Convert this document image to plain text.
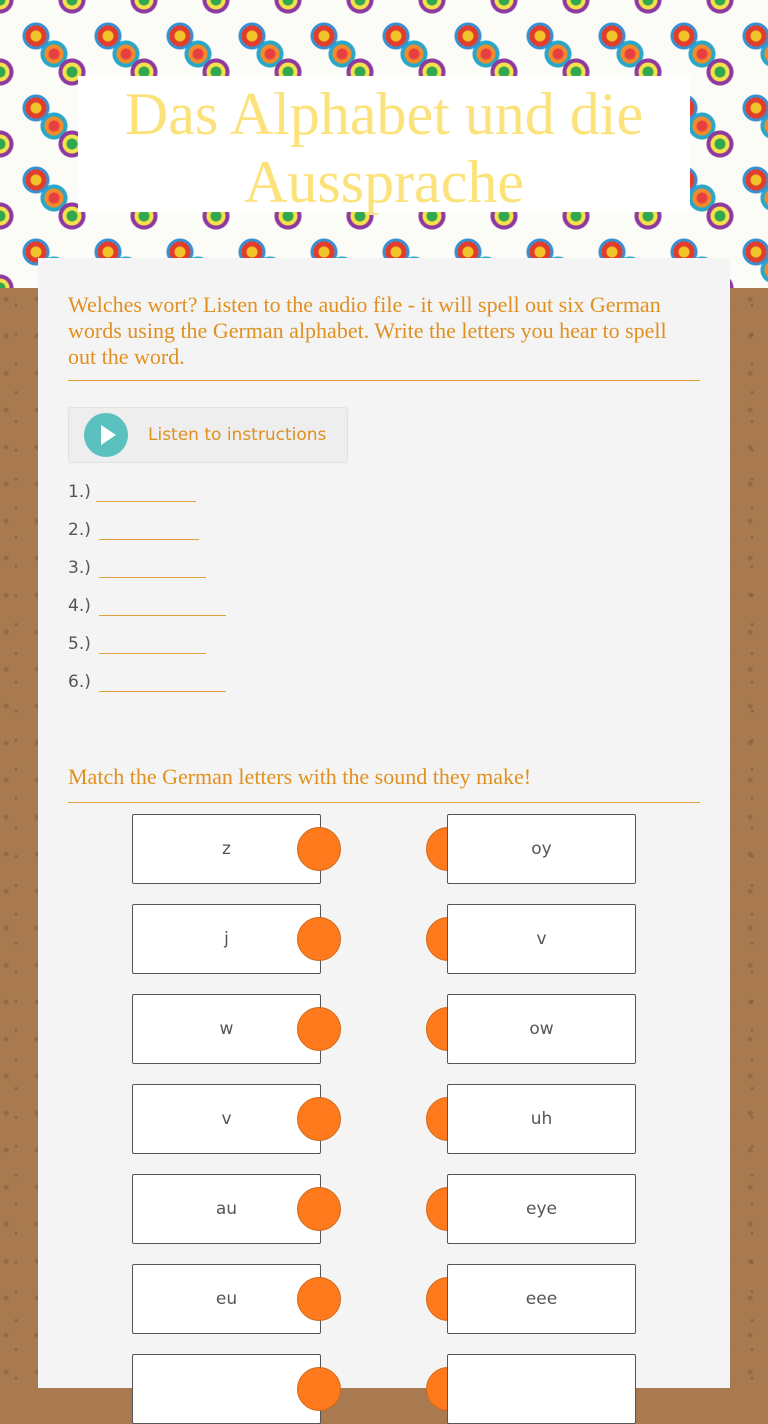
Das Alphabet und die Aussprache

Welches wort? Listen to the audio file - it will spell out six German words using the German alphabet. Write the letters you hear to spell out the word.

Listen to instructions
1.)
2.)
3.)
4.)
5.)
6.)

Match the German letters with the sound they make!

z	oy
j	v
w	ow
v	uh
au	eye
eu	eee
